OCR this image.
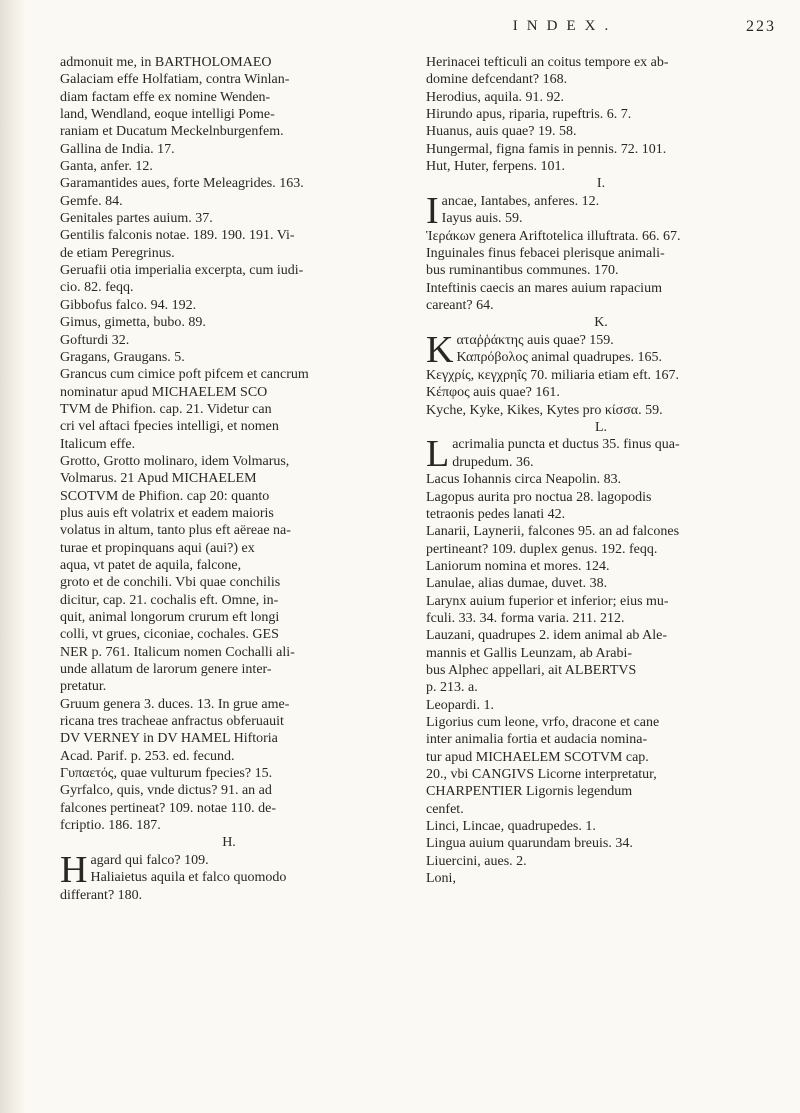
INDEX.	223
admonuit me, in BARTHOLOMAEO
Galaciam effe Holfatiam, contra Winlan-
diam factam effe ex nomine Wenden-
land, Wendland, eoque intelligi Pome-
raniam et Ducatum Meckelnburgenfem.
Gallina de India. 17.
Ganta, anfer. 12.
Garamantides aues, forte Meleagrides. 163.
Gemfe. 84.
Genitales partes auium. 37.
Gentilis falconis notae. 189. 190. 191. Vi-
de etiam Peregrinus.
Geruafii otia imperialia excerpta, cum iudi-
cio. 82. feqq.
Gibbofus falco. 94. 192.
Gimus, gimetta, bubo. 89.
Gofturdi 32.
Gragans, Graugans. 5.
Grancus cum cimice poft pifcem et cancrum
nominatur apud MICHAELEM SCO
TVM de Phifion. cap. 21. Videtur can
cri vel aftaci fpecies intelligi, et nomen
Italicum effe.
Grotto, Grotto molinaro, idem Volmarus,
Volmarus. 21 Apud MICHAELEM
SCOTVM de Phifion. cap 20: quanto
plus auis eft volatrix et eadem maioris
volatus in altum, tanto plus eft aëreae na-
turae et propinquans aqui (aui?) ex
aqua, vt patet de aquila, falcone,
groto et de conchili. Vbi quae conchilis
dicitur, cap. 21. cochalis eft. Omne, in-
quit, animal longorum crurum eft longi
colli, vt grues, ciconiae, cochales. GES
NER p. 761. Italicum nomen Cochalli ali-
unde allatum de larorum genere inter-
pretatur.
Gruum genera 3. duces. 13. In grue ame-
ricana tres tracheae anfractus obferuauit
DV VERNEY in DV HAMEL Hiftoria
Acad. Parif. p. 253. ed. fecund.
Γυπαετός, quae vulturum fpecies? 15.
Gyrfalco, quis, vnde dictus? 91. an ad
falcones pertineat? 109. notae 110. de-
fcriptio. 186. 187.
H.
H agard qui falco? 109.
Haliaietus aquila et falco quomodo
differant? 180.
Herinacei tefticuli an coitus tempore ex ab-
domine defcendant? 168.
Herodius, aquila. 91. 92.
Hirundo apus, riparia, rupeftris. 6. 7.
Huanus, auis quae? 19. 58.
Hungermal, figna famis in pennis. 72. 101.
Hut, Huter, ferpens. 101.
I.
I ancae, Iantabes, anferes. 12.
Iayus auis. 59.
Ἱεράκων genera Ariftotelica illuftrata. 66. 67.
Inguinales finus febacei plerisque animali-
bus ruminantibus communes. 170.
Inteftinis caecis an mares auium rapacium
careant? 64.
K.
K αταῤῥάκτης auis quae? 159.
Καπρόβολος animal quadrupes. 165.
Κεγχρίς, κεγχρηΐς 70. miliaria etiam eft. 167.
Κέπφος auis quae? 161.
Kyche, Kyke, Kikes, Kytes pro κίσσα. 59.
L.
L acrimalia puncta et ductus 35. finus qua-
drupedum. 36.
Lacus Iohannis circa Neapolin. 83.
Lagopus aurita pro noctua 28. lagopodis
tetraonis pedes lanati 42.
Lanarii, Laynerii, falcones 95. an ad falcones
pertineant? 109. duplex genus. 192. feqq.
Laniorum nomina et mores. 124.
Lanulae, alias dumae, duvet. 38.
Larynx auium fuperior et inferior; eius mu-
fculi. 33. 34. forma varia. 211. 212.
Lauzani, quadrupes 2. idem animal ab Ale-
mannis et Gallis Leunzam, ab Arabi-
bus Alphec appellari, ait ALBERTVS
p. 213. a.
Leopardi. 1.
Ligorius cum leone, vrfo, dracone et cane
inter animalia fortia et audacia nomina-
tur apud MICHAELEM SCOTVM cap.
20., vbi CANGIVS Licorne interpretatur,
CHARPENTIER Ligornis legendum
cenfet.
Linci, Lincae, quadrupedes. 1.
Lingua auium quarundam breuis. 34.
Liuercini, aues. 2.
Loni,
